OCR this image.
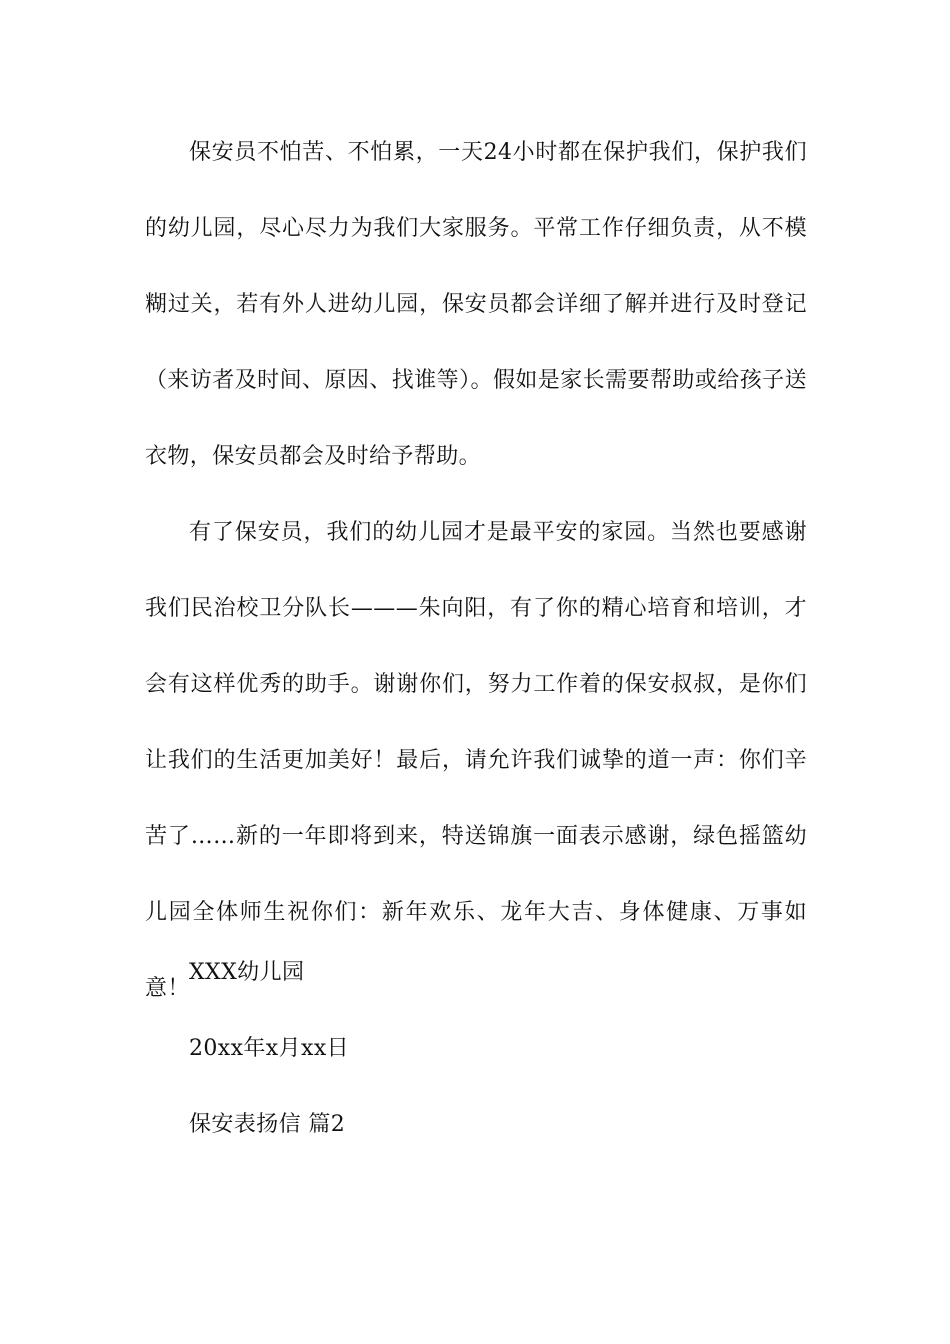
保安员不怕苦、不怕累，一天24小时都在保护我们，保护我们的幼儿园，尽心尽力为我们大家服务。平常工作仔细负责，从不模糊过关，若有外人进幼儿园，保安员都会详细了解并进行及时登记（来访者及时间、原因、找谁等）。假如是家长需要帮助或给孩子送衣物，保安员都会及时给予帮助。

有了保安员，我们的幼儿园才是最平安的家园。当然也要感谢我们民治校卫分队长———朱向阳，有了你的精心培育和培训，才会有这样优秀的助手。谢谢你们，努力工作着的保安叔叔，是你们让我们的生活更加美好！最后，请允许我们诚挚的道一声：你们辛苦了……新的一年即将到来，特送锦旗一面表示感谢，绿色摇篮幼儿园全体师生祝你们：新年欢乐、龙年大吉、身体健康、万事如意！

XXX幼儿园

20xx年x月xx日

保安表扬信 篇2
